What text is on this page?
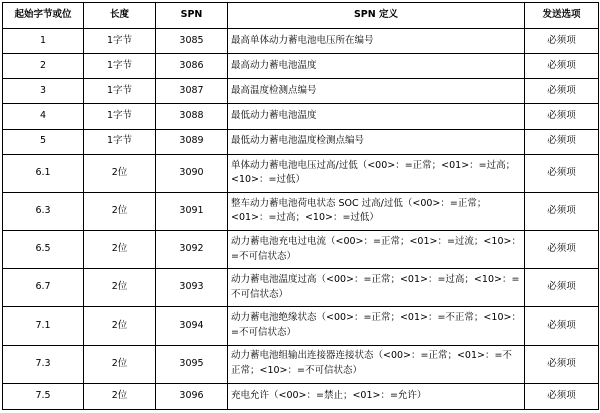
起始字节或位	长度	SPN	SPN 定义	发送选项
1	1字节	3085	最高单体动力蓄电池电压所在编号	必须项
2	1字节	3086	最高动力蓄电池温度	必须项
3	1字节	3087	最高温度检测点编号	必须项
4	1字节	3088	最低动力蓄电池温度	必须项
5	1字节	3089	最低动力蓄电池温度检测点编号	必须项
6.1	2位	3090	单体动力蓄电池电压过高/过低（<00>：=正常；<01>：=过高；<10>：=过低）	必须项
6.3	2位	3091	整车动力蓄电池荷电状态 SOC 过高/过低（<00>：=正常；<01>：=过高；<10>：=过低）	必须项
6.5	2位	3092	动力蓄电池充电过电流（<00>：=正常；<01>：=过流；<10>：=不可信状态）	必须项
6.7	2位	3093	动力蓄电池温度过高（<00>：=正常；<01>：=过高；<10>：=不可信状态）	必须项
7.1	2位	3094	动力蓄电池绝缘状态（<00>：=正常；<01>：=不正常；<10>：=不可信状态）	必须项
7.3	2位	3095	动力蓄电池组输出连接器连接状态（<00>：=正常；<01>：=不正常；<10>：=不可信状态）	必须项
7.5	2位	3096	充电允许（<00>：=禁止；<01>：=允许）	必须项
